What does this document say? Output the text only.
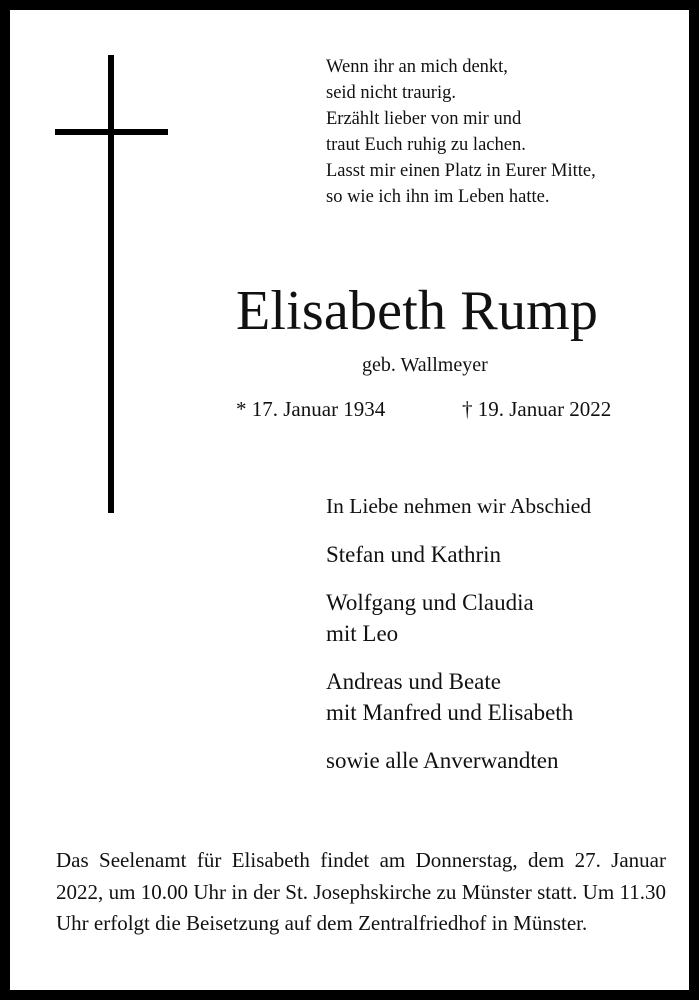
Wenn ihr an mich denkt,
seid nicht traurig.
Erzählt lieber von mir und
traut Euch ruhig zu lachen.
Lasst mir einen Platz in Eurer Mitte,
so wie ich ihn im Leben hatte.
Elisabeth Rump
geb. Wallmeyer
* 17. Januar 1934	† 19. Januar 2022
In Liebe nehmen wir Abschied
Stefan und Kathrin
Wolfgang und Claudia
mit Leo
Andreas und Beate
mit Manfred und Elisabeth
sowie alle Anverwandten
Das Seelenamt für Elisabeth findet am Donnerstag, dem 27. Januar 2022, um 10.00 Uhr in der St. Josephskirche zu Münster statt. Um 11.30 Uhr erfolgt die Beisetzung auf dem Zentralfriedhof in Münster.
